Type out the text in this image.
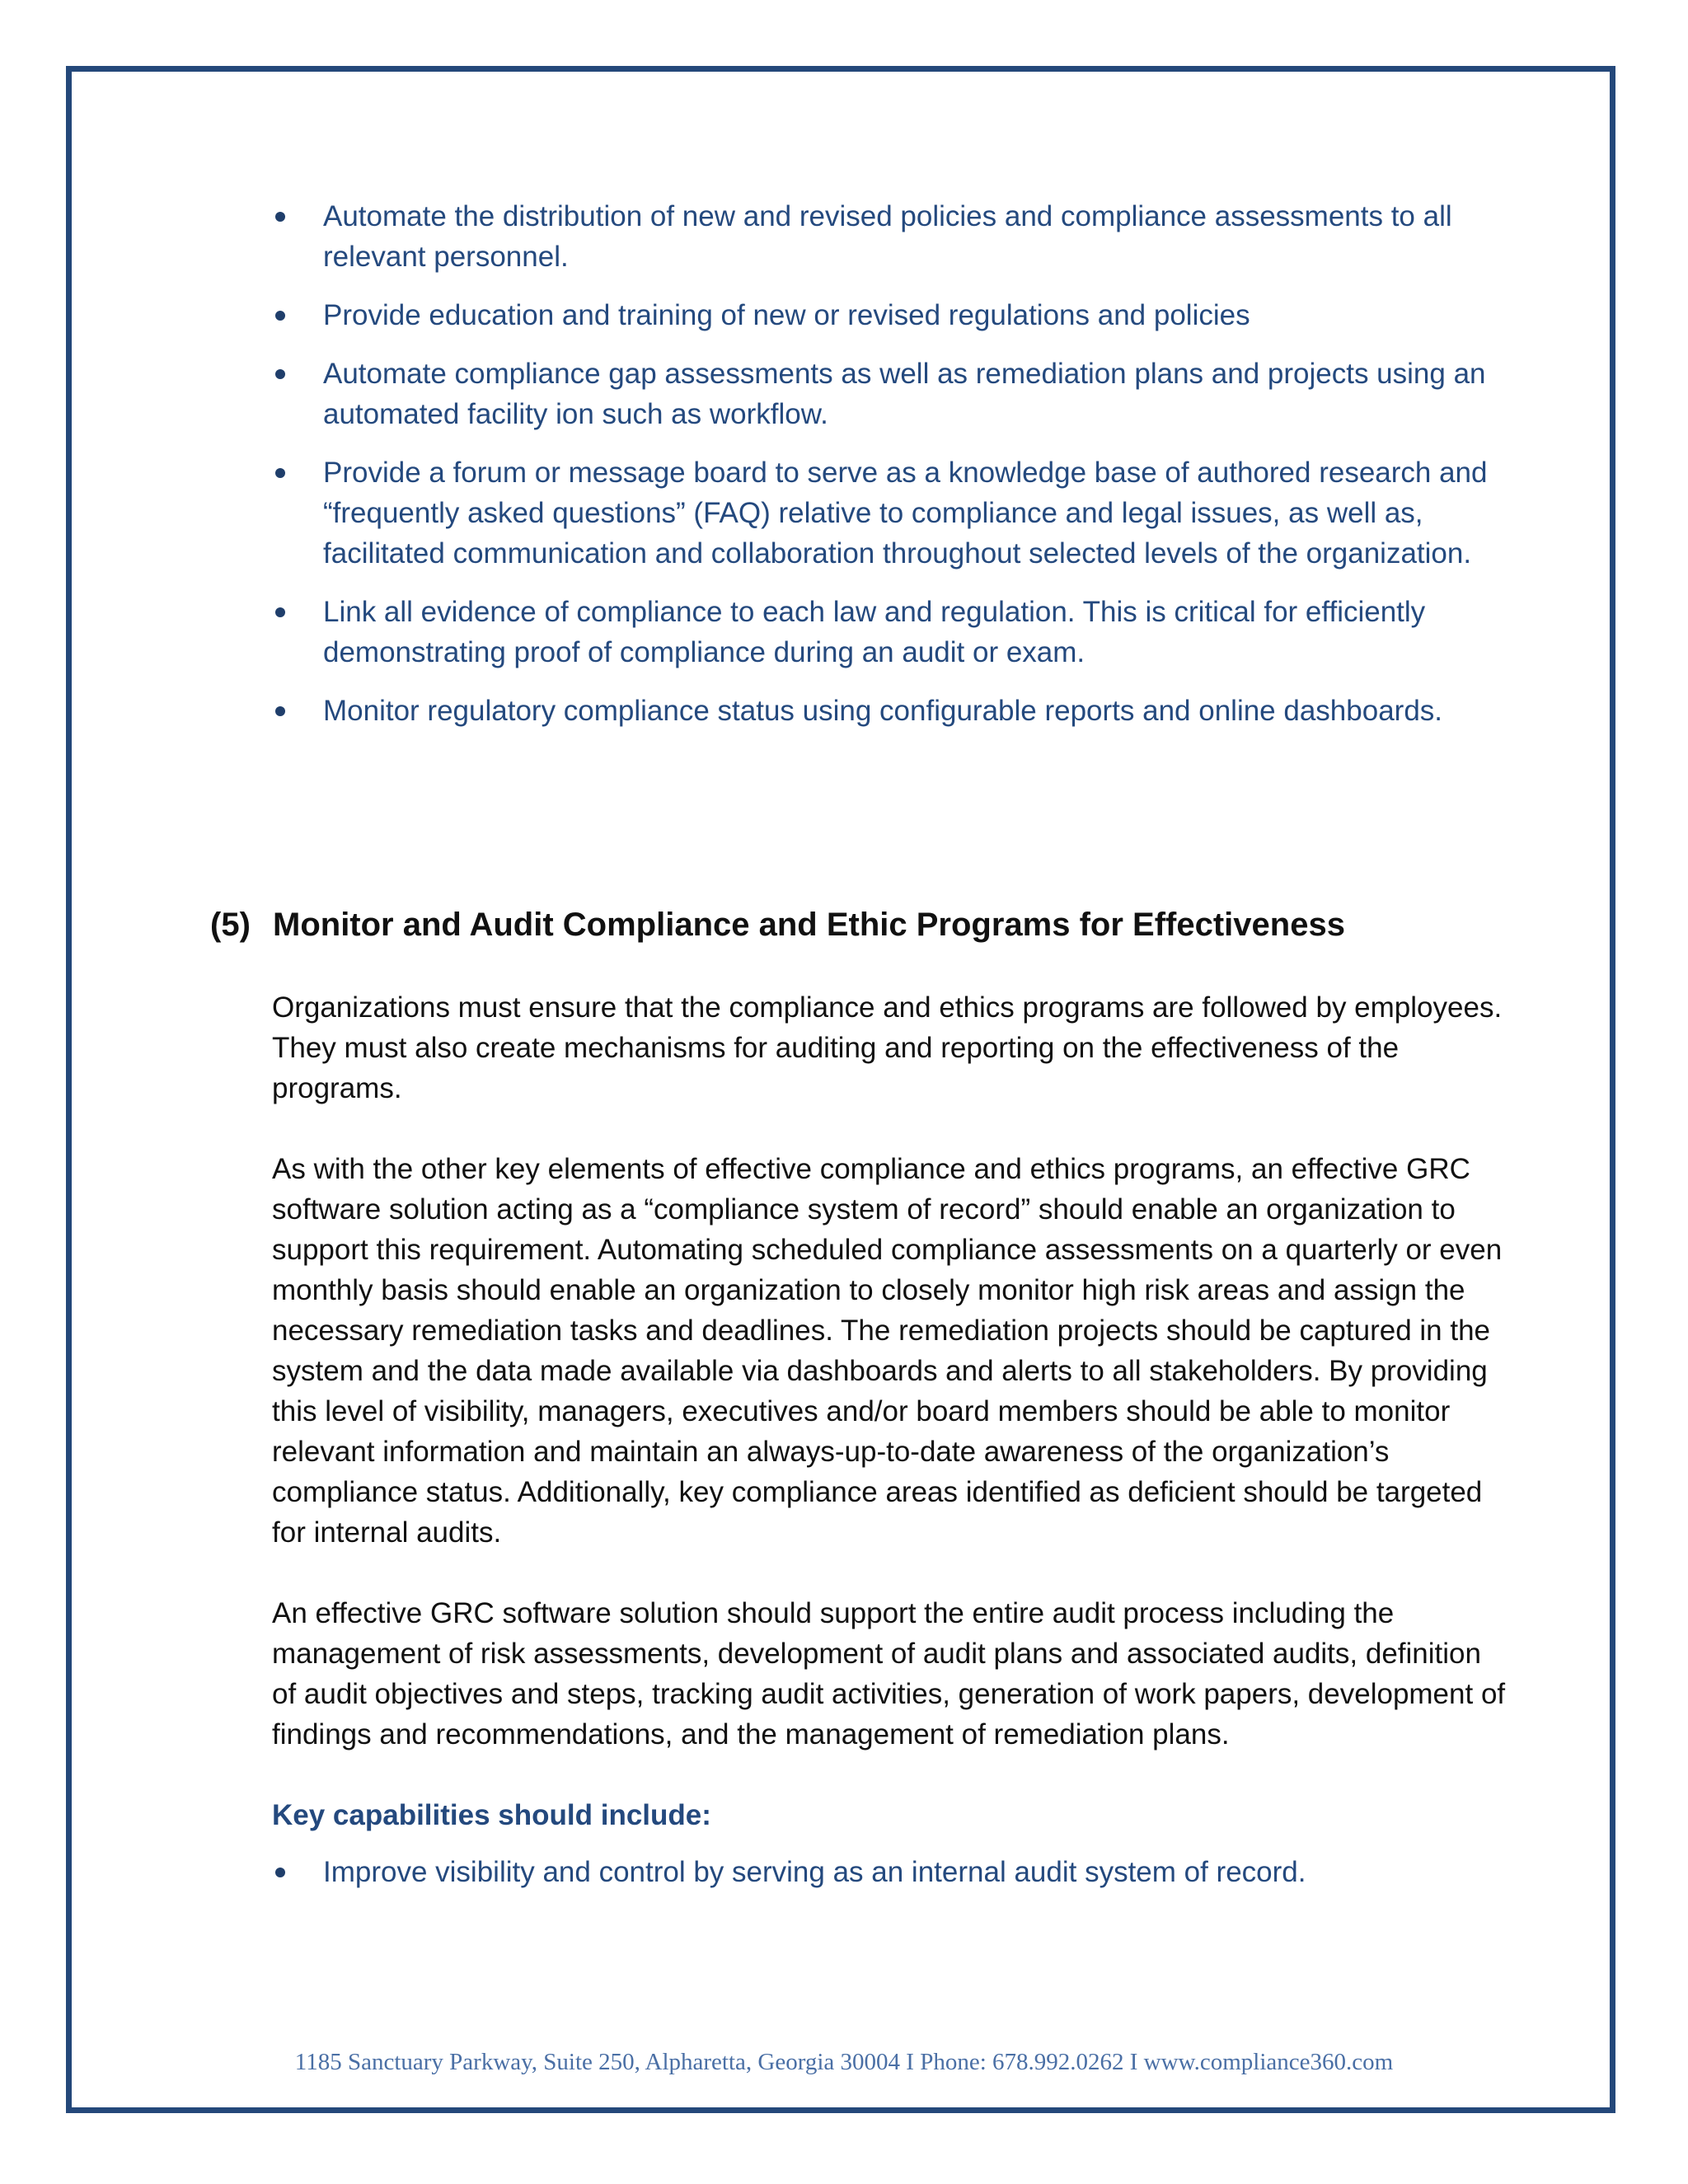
Automate the distribution of new and revised policies and compliance assessments to all relevant personnel.
Provide education and training of new or revised regulations and policies
Automate compliance gap assessments as well as remediation plans and projects using an automated facility ion such as workflow.
Provide a forum or message board to serve as a knowledge base of authored research and “frequently asked questions” (FAQ) relative to compliance and legal issues, as well as, facilitated communication and collaboration throughout selected levels of the organization.
Link all evidence of compliance to each law and regulation. This is critical for efficiently demonstrating proof of compliance during an audit or exam.
Monitor regulatory compliance status using configurable reports and online dashboards.
(5) Monitor and Audit Compliance and Ethic Programs for Effectiveness

Organizations must ensure that the compliance and ethics programs are followed by employees. They must also create mechanisms for auditing and reporting on the effectiveness of the programs.

As with the other key elements of effective compliance and ethics programs, an effective GRC software solution acting as a “compliance system of record” should enable an organization to support this requirement. Automating scheduled compliance assessments on a quarterly or even monthly basis should enable an organization to closely monitor high risk areas and assign the necessary remediation tasks and deadlines. The remediation projects should be captured in the system and the data made available via dashboards and alerts to all stakeholders. By providing this level of visibility, managers, executives and/or board members should be able to monitor relevant information and maintain an always-up-to-date awareness of the organization’s compliance status. Additionally, key compliance areas identified as deficient should be targeted for internal audits.

An effective GRC software solution should support the entire audit process including the management of risk assessments, development of audit plans and associated audits, definition of audit objectives and steps, tracking audit activities, generation of work papers, development of findings and recommendations, and the management of remediation plans.

Key capabilities should include:

Improve visibility and control by serving as an internal audit system of record.
1185 Sanctuary Parkway, Suite 250, Alpharetta, Georgia 30004 I Phone: 678.992.0262 I www.compliance360.com
